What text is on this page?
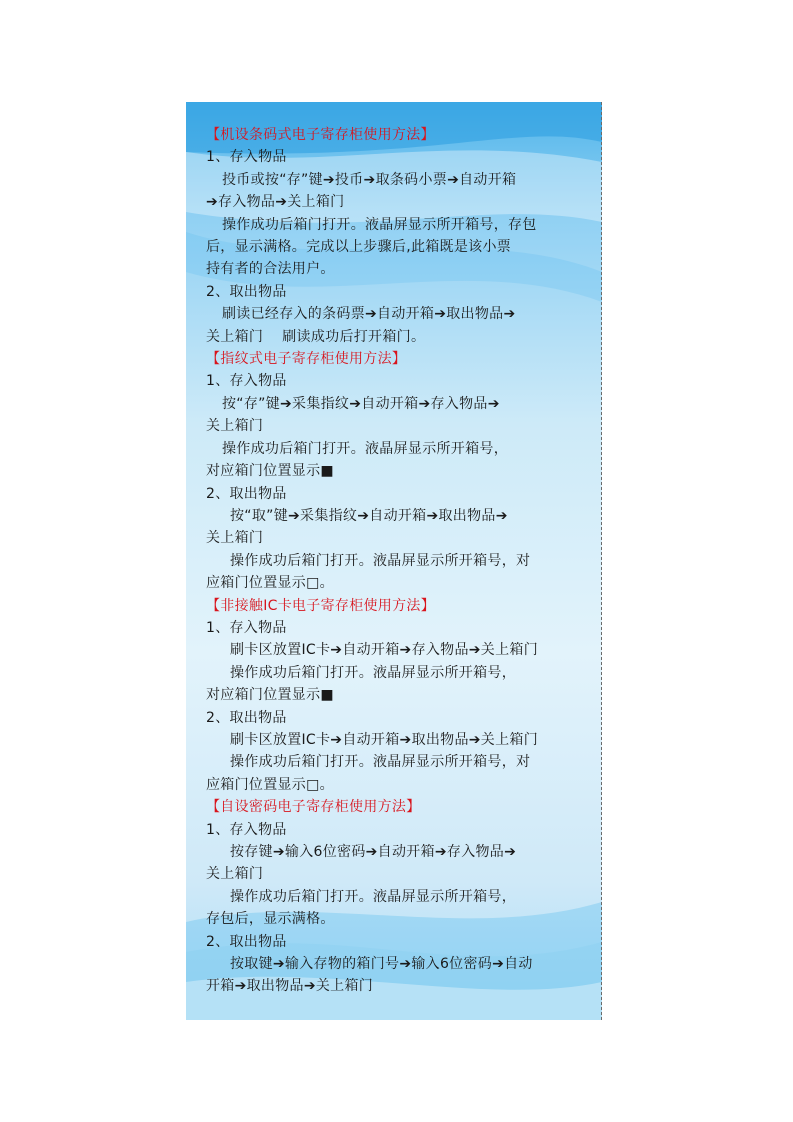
【机设条码式电子寄存柜使用方法】
1、存入物品
投币或按“存”键➔投币➔取条码小票➔自动开箱
➔存入物品➔关上箱门
操作成功后箱门打开。液晶屏显示所开箱号，存包
后，显示满格。完成以上步骤后,此箱既是该小票
持有者的合法用户。
2、取出物品
刷读已经存入的条码票➔自动开箱➔取出物品➔
关上箱门　 刷读成功后打开箱门。
【指纹式电子寄存柜使用方法】
1、存入物品
按“存”键➔采集指纹➔自动开箱➔存入物品➔
关上箱门
操作成功后箱门打开。液晶屏显示所开箱号，
对应箱门位置显示■
2、取出物品
按“取”键➔采集指纹➔自动开箱➔取出物品➔
关上箱门
操作成功后箱门打开。液晶屏显示所开箱号，对
应箱门位置显示□。
【非接触IC卡电子寄存柜使用方法】
1、存入物品
刷卡区放置IC卡➔自动开箱➔存入物品➔关上箱门
操作成功后箱门打开。液晶屏显示所开箱号，
对应箱门位置显示■
2、取出物品
刷卡区放置IC卡➔自动开箱➔取出物品➔关上箱门
操作成功后箱门打开。液晶屏显示所开箱号，对
应箱门位置显示□。
【自设密码电子寄存柜使用方法】
1、存入物品
按存键➔输入6位密码➔自动开箱➔存入物品➔
关上箱门
操作成功后箱门打开。液晶屏显示所开箱号，
存包后，显示满格。
2、取出物品
按取键➔输入存物的箱门号➔输入6位密码➔自动
开箱➔取出物品➔关上箱门
